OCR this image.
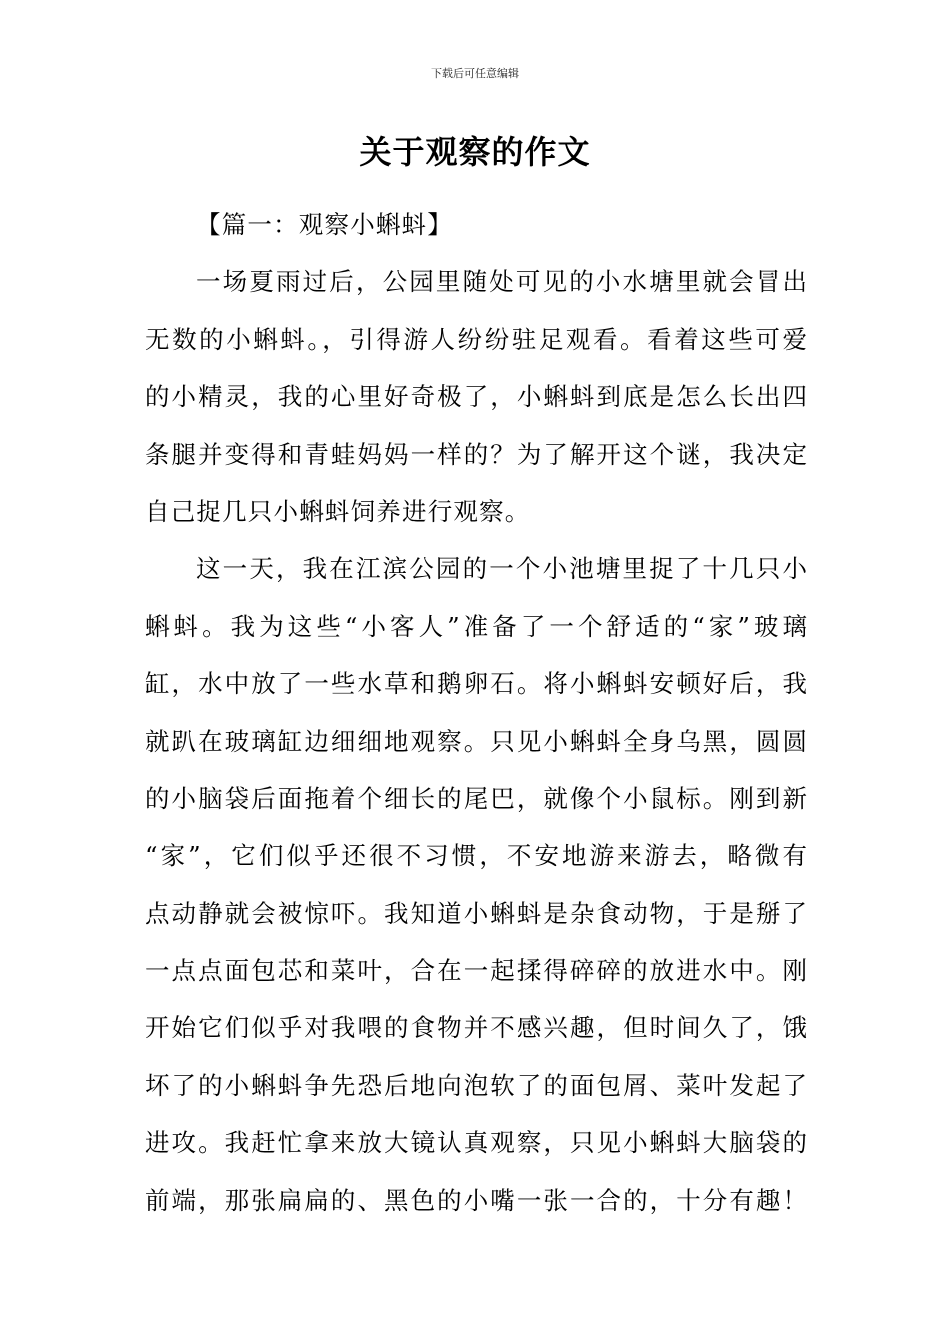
下载后可任意编辑
关于观察的作文
【篇一：观察小蝌蚪】
一场夏雨过后，公园里随处可见的小水塘里就会冒出
无数的小蝌蚪。，引得游人纷纷驻足观看。看着这些可爱
的小精灵，我的心里好奇极了，小蝌蚪到底是怎么长出四
条腿并变得和青蛙妈妈一样的？为了解开这个谜，我决定
自己捉几只小蝌蚪饲养进行观察。
这一天，我在江滨公园的一个小池塘里捉了十几只小
蝌蚪。我为这些“小客人”准备了一个舒适的“家”玻璃
缸，水中放了一些水草和鹅卵石。将小蝌蚪安顿好后，我
就趴在玻璃缸边细细地观察。只见小蝌蚪全身乌黑，圆圆
的小脑袋后面拖着个细长的尾巴，就像个小鼠标。刚到新
“家”，它们似乎还很不习惯，不安地游来游去，略微有
点动静就会被惊吓。我知道小蝌蚪是杂食动物，于是掰了
一点点面包芯和菜叶，合在一起揉得碎碎的放进水中。刚
开始它们似乎对我喂的食物并不感兴趣，但时间久了，饿
坏了的小蝌蚪争先恐后地向泡软了的面包屑、菜叶发起了
进攻。我赶忙拿来放大镜认真观察，只见小蝌蚪大脑袋的
前端，那张扁扁的、黑色的小嘴一张一合的，十分有趣！
